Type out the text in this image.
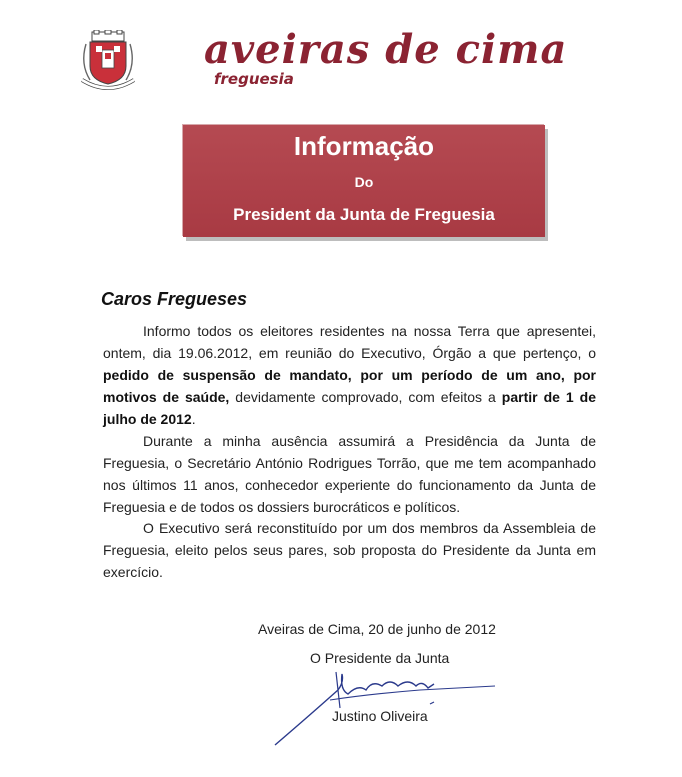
aveiras de cima
freguesia
Informação
Do
President da Junta de Freguesia
Caros Fregueses
Informo todos os eleitores residentes na nossa Terra que apresentei, ontem, dia 19.06.2012, em reunião do Executivo, Órgão a que pertenço, o pedido de suspensão de mandato, por um período de um ano, por motivos de saúde, devidamente comprovado, com efeitos a partir de 1 de julho de 2012.
Durante a minha ausência assumirá a Presidência da Junta de Freguesia, o Secretário António Rodrigues Torrão, que me tem acompanhado nos últimos 11 anos, conhecedor experiente do funcionamento da Junta de Freguesia e de todos os dossiers burocráticos e políticos.
O Executivo será reconstituído por um dos membros da Assembleia de Freguesia, eleito pelos seus pares, sob proposta do Presidente da Junta em exercício.
Aveiras de Cima, 20 de junho de 2012
O Presidente da Junta
Justino Oliveira
